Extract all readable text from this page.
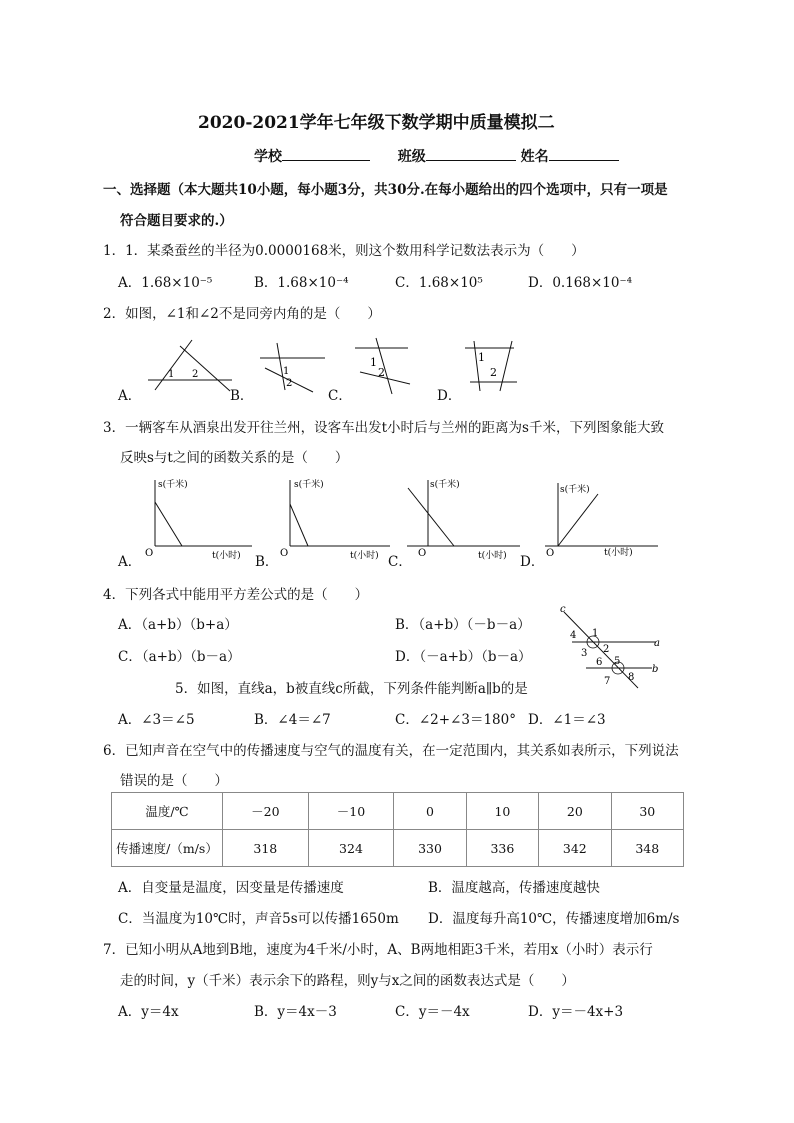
2020-2021学年七年级下数学期中质量模拟二
学校	班级	姓名
一、选择题（本大题共10小题，每小题3分，共30分.在每小题给出的四个选项中，只有一项是
符合题目要求的.）
1．1．某桑蚕丝的半径为0.0000168米，则这个数用科学记数法表示为（　　）
A．1.68×10⁻⁵	B．1.68×10⁻⁴	C．1.68×10⁵	D．0.168×10⁻⁴
2．如图，∠1和∠2不是同旁内角的是（　　）
A．	B．	C．	D．
1 2	1
2
1
2
1
2
3．一辆客车从酒泉出发开往兰州，设客车出发t小时后与兰州的距离为s千米，下列图象能大致
反映s与t之间的函数关系的是（　　）
A．	B．	C．	D．
s(千米)
O	t(小时)
s(千米)
O	t(小时)
s(千米)
O	t(小时)
s(千米)
O	t(小时)
4．下列各式中能用平方差公式的是（　　）
A．（a+b）（b+a）	B．（a+b）（－b－a）
C．（a+b）（b－a）	D．（－a+b）（b－a）
c
a
b
1
2
3
4
5
6
7 8
5．如图，直线a，b被直线c所截，下列条件能判断a∥b的是
A．∠3＝∠5	B．∠4＝∠7	C．∠2+∠3＝180° D．∠1＝∠3
6．已知声音在空气中的传播速度与空气的温度有关，在一定范围内，其关系如表所示，下列说法
错误的是（　　）
温度/℃	－20	－10	0	10	20	30
传播速度/（m/s）	318	324	330	336	342	348
A．自变量是温度，因变量是传播速度	B．温度越高，传播速度越快
C．当温度为10℃时，声音5s可以传播1650m D．温度每升高10℃，传播速度增加6m/s
7．已知小明从A地到B地，速度为4千米/小时，A、B两地相距3千米，若用x（小时）表示行
走的时间，y（千米）表示余下的路程，则y与x之间的函数表达式是（　　）
A．y＝4x	B．y＝4x－3	C．y＝－4x	D．y＝－4x+3
